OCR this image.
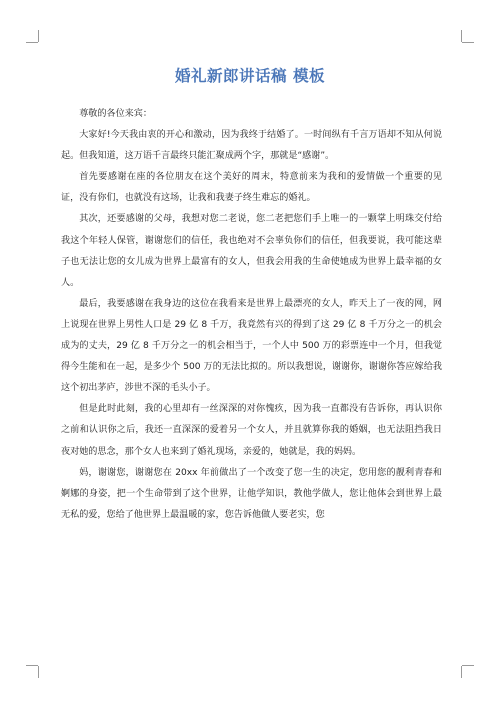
婚礼新郎讲话稿 模板

尊敬的各位来宾：

大家好!今天我由衷的开心和激动，因为我终于结婚了。一时间纵有千言万语却不知从何说起。但我知道，这万语千言最终只能汇聚成两个字，那就是“感谢”。

首先要感谢在座的各位朋友在这个美好的周末，特意前来为我和的爱情做一个重要的见证，没有你们，也就没有这场，让我和我妻子终生难忘的婚礼。

其次，还要感谢的父母，我想对您二老说，您二老把您们手上唯一的一颗掌上明珠交付给我这个年轻人保管，谢谢您们的信任，我也绝对不会辜负你们的信任，但我要说，我可能这辈子也无法让您的女儿成为世界上最富有的女人，但我会用我的生命使她成为世界上最幸福的女人。

最后，我要感谢在我身边的这位在我看来是世界上最漂亮的女人，昨天上了一夜的网，网上说现在世界上男性人口是 29 亿 8 千万，我竟然有兴的得到了这 29 亿 8 千万分之一的机会成为的丈夫，29 亿 8 千万分之一的机会相当于，一个人中 500 万的彩票连中一个月，但我觉得今生能和在一起，是多少个 500 万的无法比拟的。所以我想说，谢谢你，谢谢你答应嫁给我这个初出茅庐，涉世不深的毛头小子。

但是此时此刻，我的心里却有一丝深深的对你愧疚，因为我一直都没有告诉你，再认识你之前和认识你之后，我还一直深深的爱着另一个女人，并且就算你我的婚姻，也无法阻挡我日夜对她的思念，那个女人也来到了婚礼现场，亲爱的，她就是，我的妈妈。

妈，谢谢您，谢谢您在 20xx 年前做出了一个改变了您一生的决定，您用您的靓利青春和婀娜的身姿，把一个生命带到了这个世界，让他学知识，教他学做人，您让他体会到世界上最无私的爱，您给了他世界上最温暖的家，您告诉他做人要老实，您
